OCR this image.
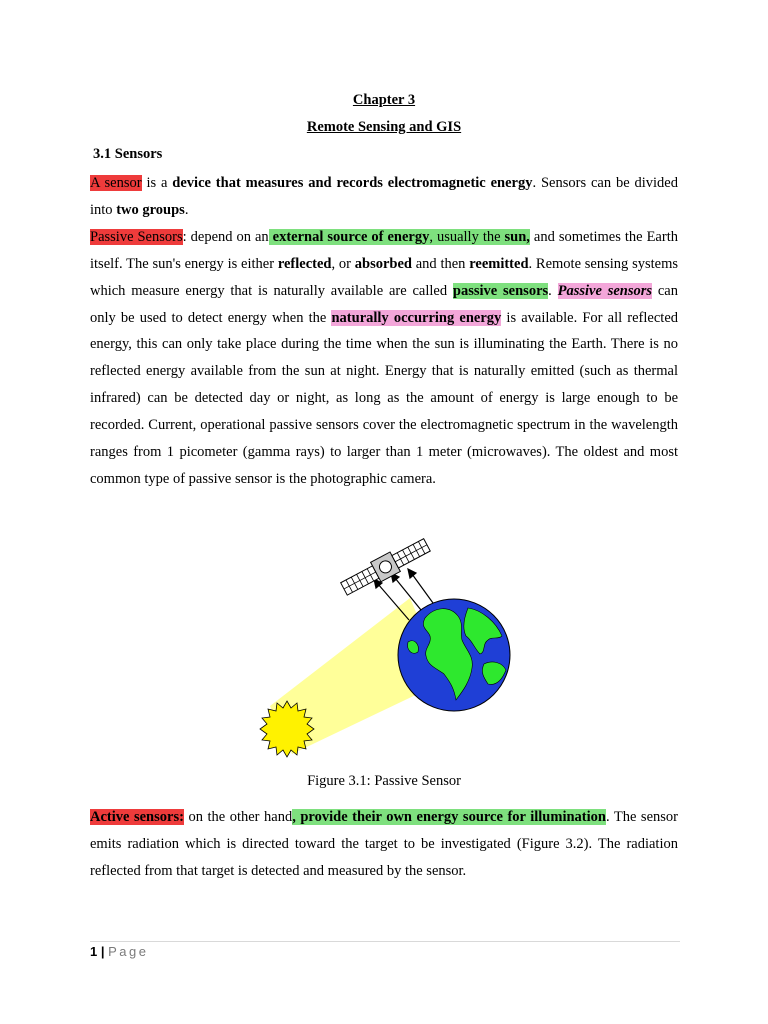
Chapter 3
Remote Sensing and GIS
3.1 Sensors
A sensor is a device that measures and records electromagnetic energy. Sensors can be divided into two groups.
Passive Sensors: depend on an external source of energy, usually the sun, and sometimes the Earth itself. The sun's energy is either reflected, or absorbed and then reemitted. Remote sensing systems which measure energy that is naturally available are called passive sensors. Passive sensors can only be used to detect energy when the naturally occurring energy is available. For all reflected energy, this can only take place during the time when the sun is illuminating the Earth. There is no reflected energy available from the sun at night. Energy that is naturally emitted (such as thermal infrared) can be detected day or night, as long as the amount of energy is large enough to be recorded. Current, operational passive sensors cover the electromagnetic spectrum in the wavelength ranges from 1 picometer (gamma rays) to larger than 1 meter (microwaves). The oldest and most common type of passive sensor is the photographic camera.
Figure 3.1: Passive Sensor
Active sensors: on the other hand, provide their own energy source for illumination. The sensor emits radiation which is directed toward the target to be investigated (Figure 3.2). The radiation reflected from that target is detected and measured by the sensor.
1 | Page
